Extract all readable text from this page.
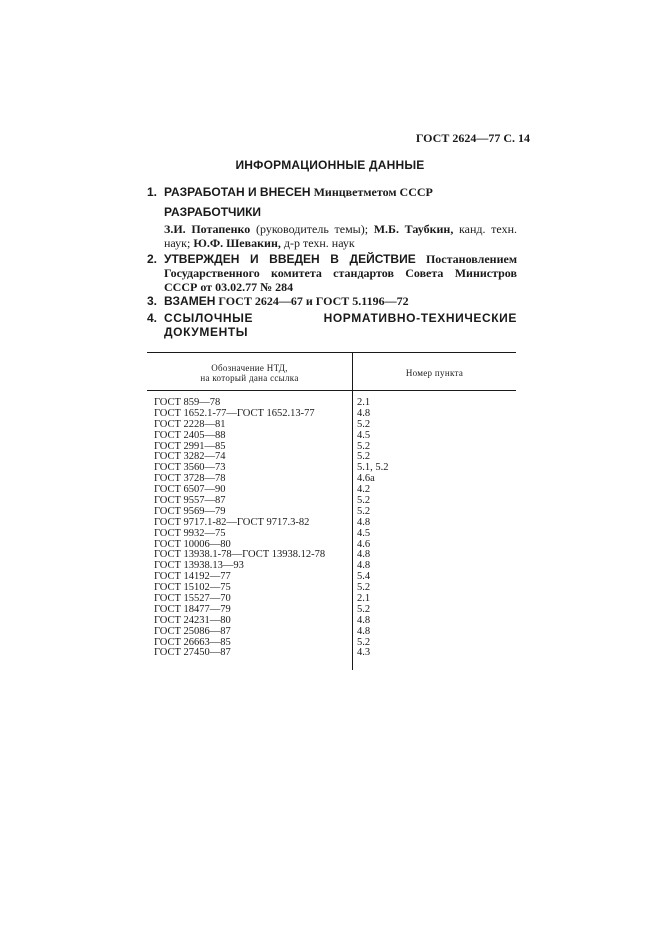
ГОСТ 2624—77 С. 14
ИНФОРМАЦИОННЫЕ ДАННЫЕ
1. РАЗРАБОТАН И ВНЕСЕН Минцветметом СССР
РАЗРАБОТЧИКИ
З.И. Потапенко (руководитель темы); М.Б. Таубкин, канд. техн. наук; Ю.Ф. Шевакин, д-р техн. наук
2. УТВЕРЖДЕН И ВВЕДЕН В ДЕЙСТВИЕ Постановлением Государственного комитета стандартов Совета Министров СССР от 03.02.77 № 284
3. ВЗАМЕН ГОСТ 2624—67 и ГОСТ 5.1196—72
4. ССЫЛОЧНЫЕ НОРМАТИВНО-ТЕХНИЧЕСКИЕ ДОКУМЕНТЫ
Обозначение НТД,
на который дана ссылка	Номер пункта
ГОСТ 859—78	2.1
ГОСТ 1652.1-77—ГОСТ 1652.13-77	4.8
ГОСТ 2228—81	5.2
ГОСТ 2405—88	4.5
ГОСТ 2991—85	5.2
ГОСТ 3282—74	5.2
ГОСТ 3560—73	5.1, 5.2
ГОСТ 3728—78	4.6а
ГОСТ 6507—90	4.2
ГОСТ 9557—87	5.2
ГОСТ 9569—79	5.2
ГОСТ 9717.1-82—ГОСТ 9717.3-82	4.8
ГОСТ 9932—75	4.5
ГОСТ 10006—80	4.6
ГОСТ 13938.1-78—ГОСТ 13938.12-78	4.8
ГОСТ 13938.13—93	4.8
ГОСТ 14192—77	5.4
ГОСТ 15102—75	5.2
ГОСТ 15527—70	2.1
ГОСТ 18477—79	5.2
ГОСТ 24231—80	4.8
ГОСТ 25086—87	4.8
ГОСТ 26663—85	5.2
ГОСТ 27450—87	4.3
